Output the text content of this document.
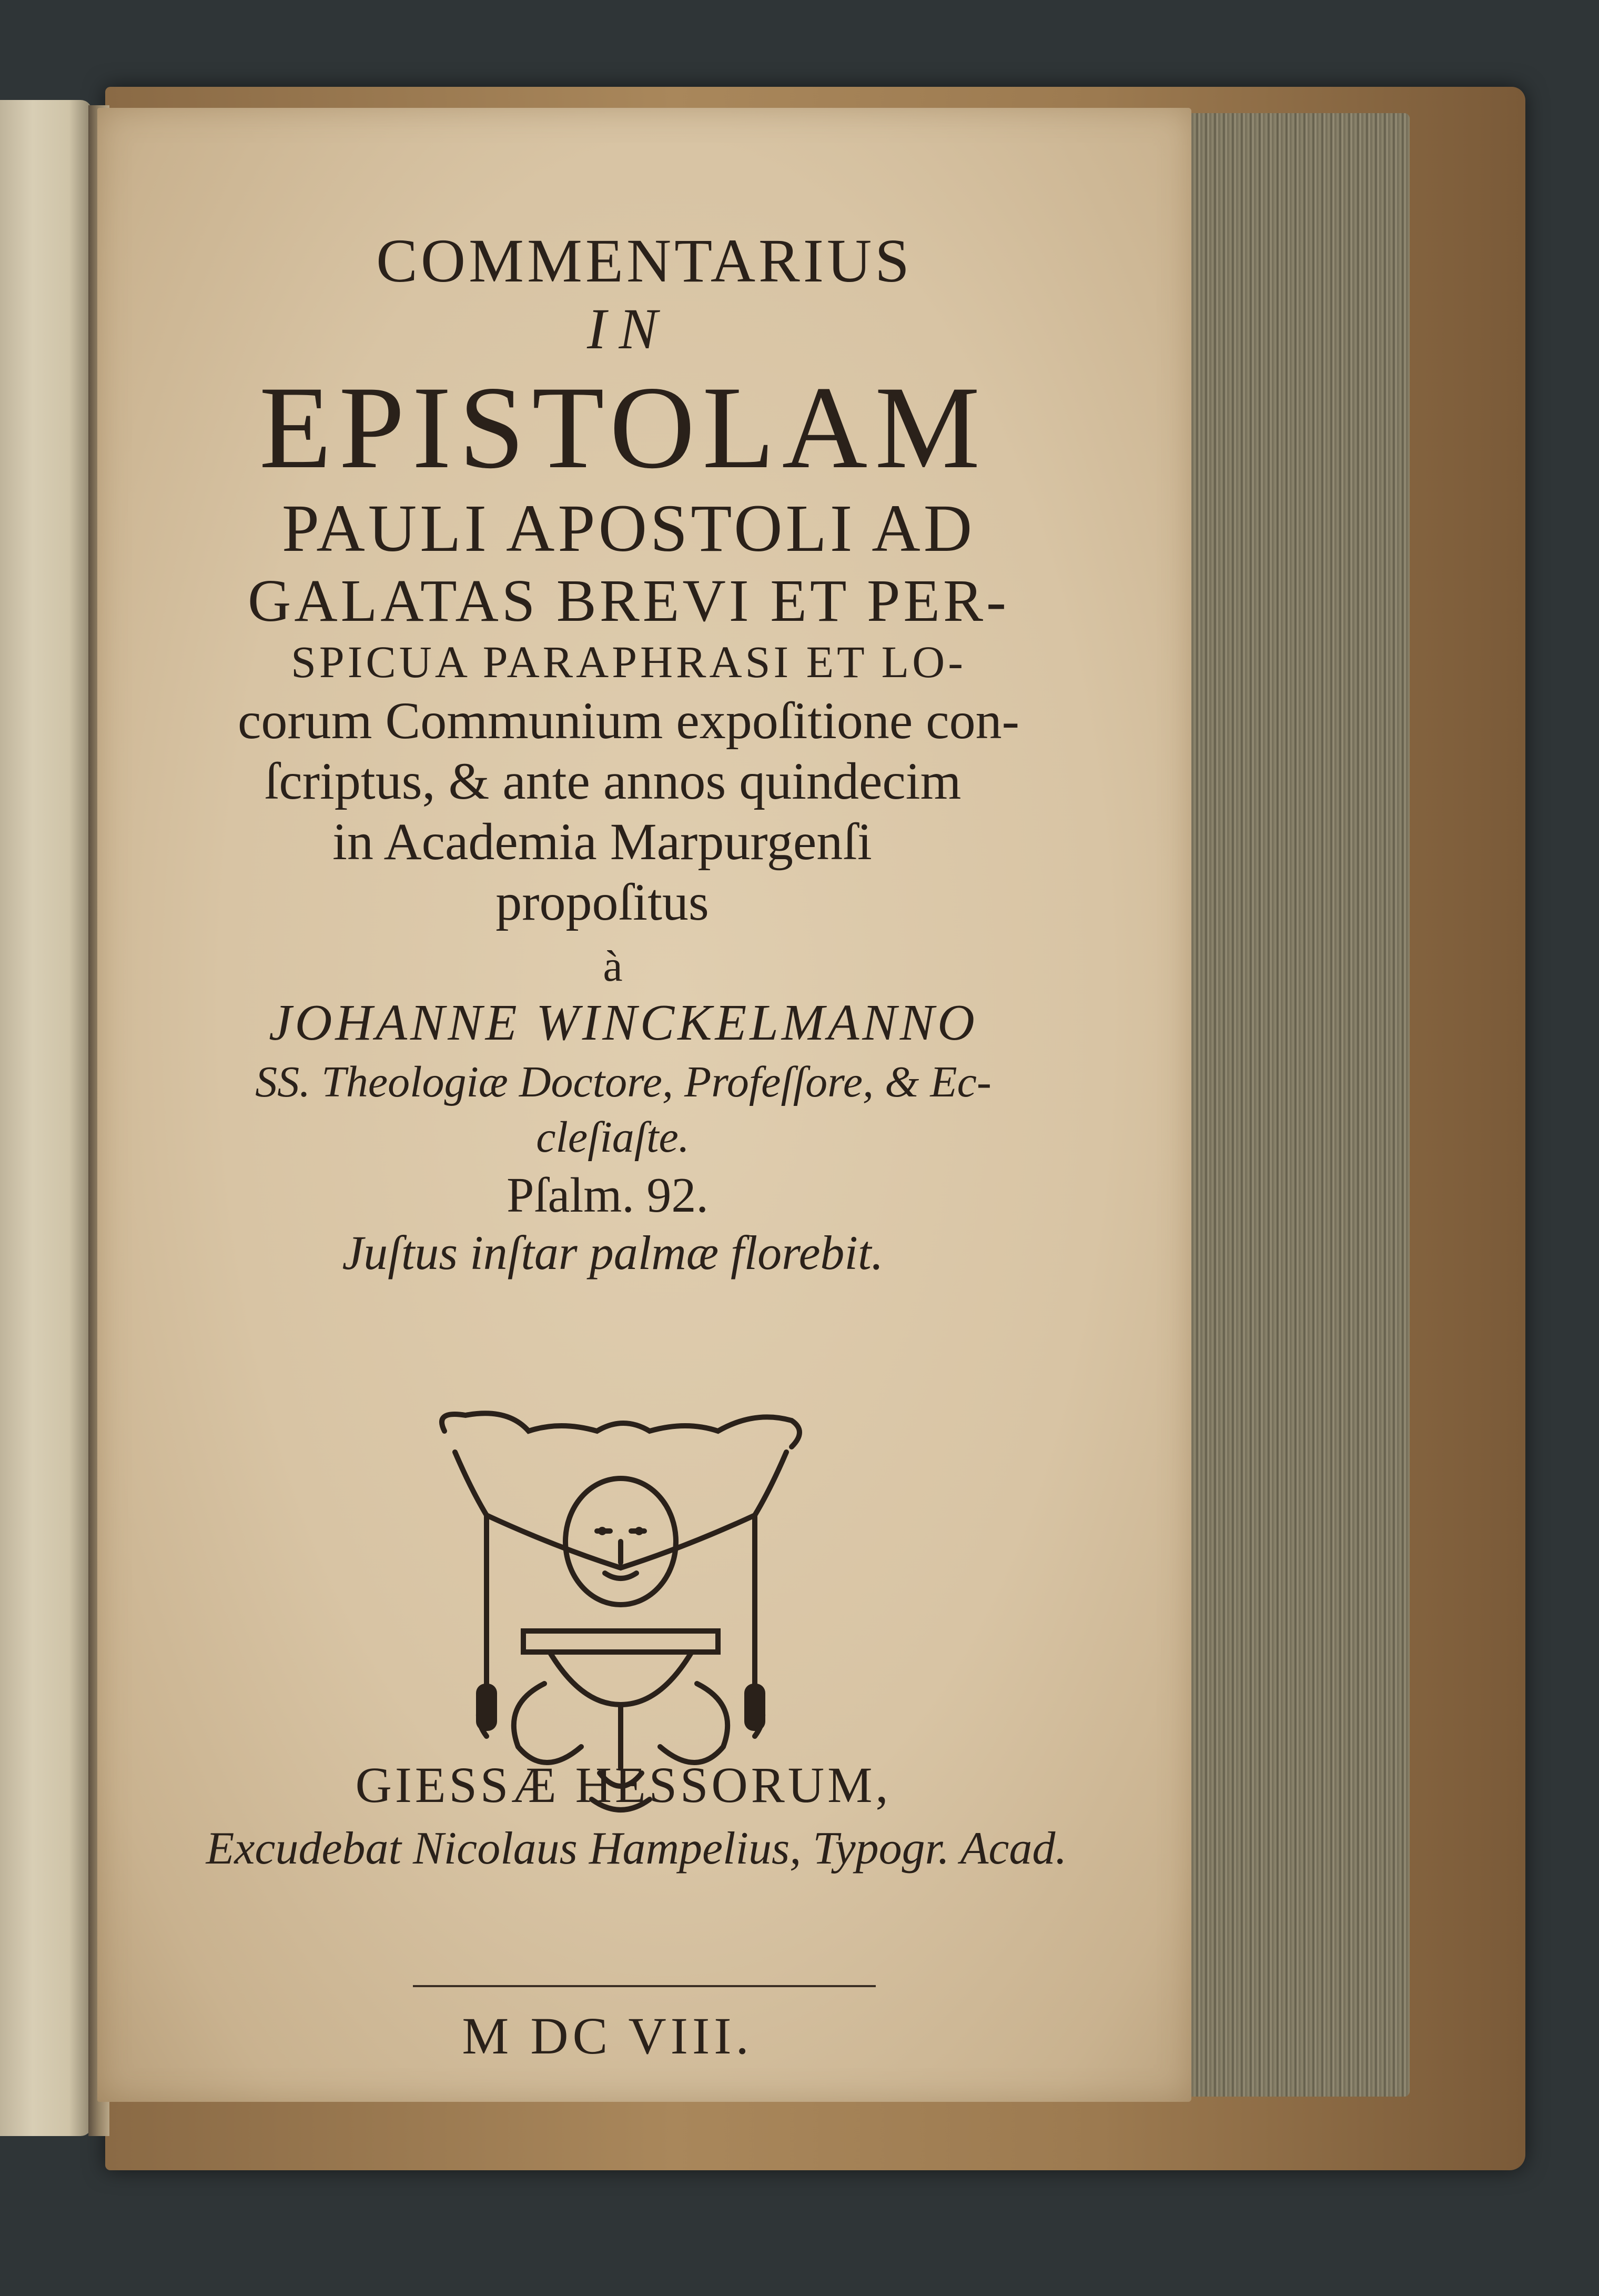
COMMENTARIUS
IN
EPISTOLAM
PAULI APOSTOLI AD
GALATAS BREVI ET PER-
SPICUA PARAPHRASI ET LO-
corum Communium expoſitione con-
ſcriptus, & ante annos quindecim
in Academia Marpurgenſi
propoſitus
à
JOHANNE WINCKELMANNO
SS. Theologiæ Doctore, Profeſſore, & Ec-
cleſiaſte.
Pſalm. 92.
Juſtus inſtar palmæ florebit.
GIESSÆ HESSORUM,
Excudebat Nicolaus Hampelius, Typogr. Acad.
M DC VIII.
